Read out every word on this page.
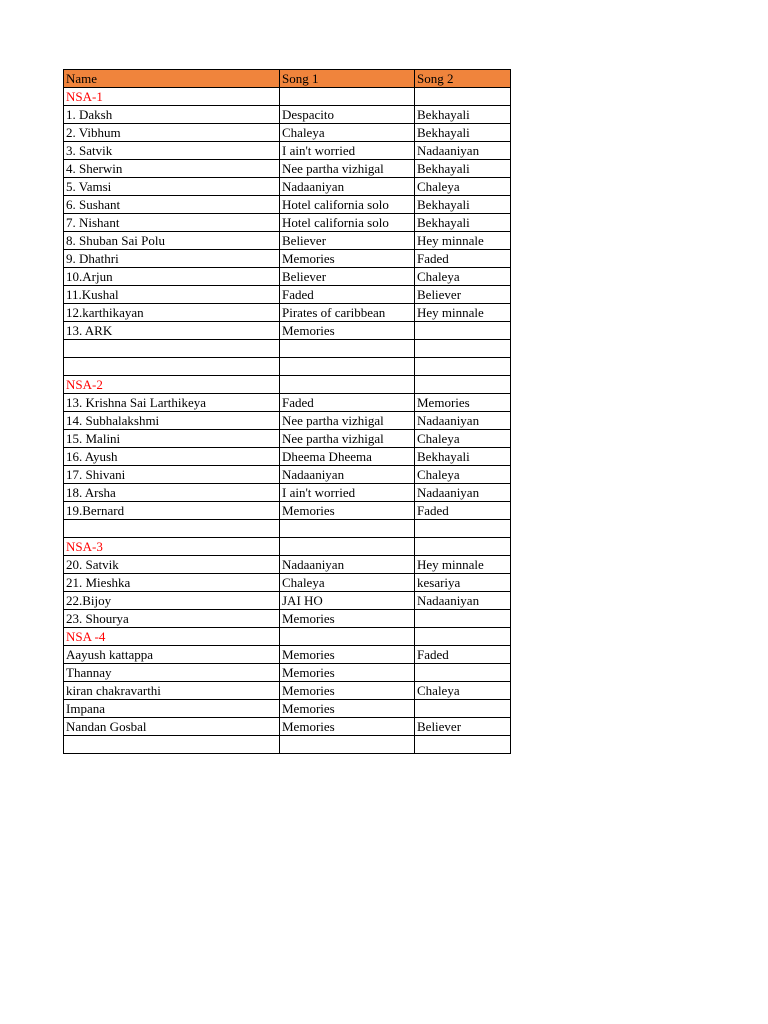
Name	Song 1	Song 2
NSA-1		
1. Daksh	Despacito	Bekhayali
2. Vibhum	Chaleya	Bekhayali
3. Satvik	I ain't worried	Nadaaniyan
4. Sherwin	Nee partha vizhigal	Bekhayali
5. Vamsi	Nadaaniyan	Chaleya
6. Sushant	Hotel california solo	Bekhayali
7. Nishant	Hotel california solo	Bekhayali
8. Shuban Sai Polu	Believer	Hey minnale
9. Dhathri	Memories	Faded
10.Arjun	Believer	Chaleya
11.Kushal	Faded	Believer
12.karthikayan	Pirates of caribbean	Hey minnale
13. ARK	Memories	

NSA-2		
13. Krishna Sai Larthikeya	Faded	Memories
14. Subhalakshmi	Nee partha vizhigal	Nadaaniyan
15. Malini	Nee partha vizhigal	Chaleya
16. Ayush	Dheema Dheema	Bekhayali
17. Shivani	Nadaaniyan	Chaleya
18. Arsha	I ain't worried	Nadaaniyan
19.Bernard	Memories	Faded

NSA-3		
20. Satvik	Nadaaniyan	Hey minnale
21. Mieshka	Chaleya	kesariya
22.Bijoy	JAI HO	Nadaaniyan
23. Shourya	Memories	
NSA -4		
Aayush kattappa	Memories	Faded
Thannay	Memories	
kiran chakravarthi	Memories	Chaleya
Impana	Memories	
Nandan Gosbal	Memories	Believer
